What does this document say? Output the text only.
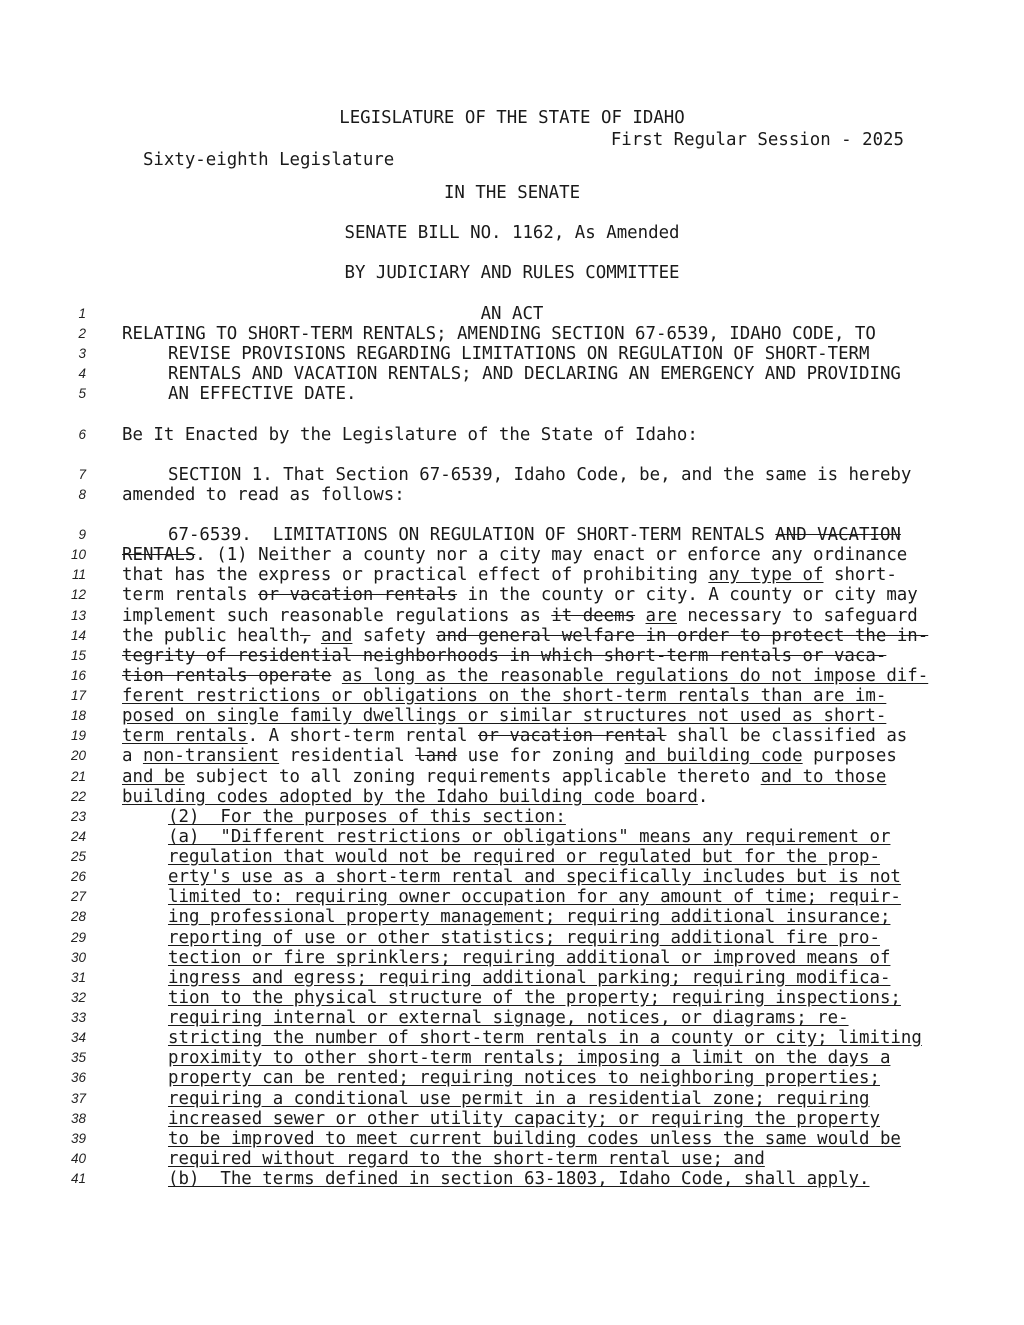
LEGISLATURE OF THE STATE OF IDAHO

Sixty-eighth Legislature

First Regular Session - 2025

IN THE SENATE
SENATE BILL NO. 1162, As Amended
BY JUDICIARY AND RULES COMMITTEE
1
2
3
4
5
6
7
8
9
10
11
12
13
14
15
16
17
18
19
20
21
22
23
24
25
26
27
28
29
30
31
32
33
34
35
36
37
38
39
40
41
AN ACT
RELATING TO SHORT-TERM RENTALS; AMENDING SECTION 67-6539, IDAHO CODE, TO
REVISE PROVISIONS REGARDING LIMITATIONS ON REGULATION OF SHORT-TERM
RENTALS AND VACATION RENTALS; AND DECLARING AN EMERGENCY AND PROVIDING
AN EFFECTIVE DATE.
Be It Enacted by the Legislature of the State of Idaho:
SECTION 1. That Section 67-6539, Idaho Code, be, and the same is hereby
amended to read as follows:
67-6539.  LIMITATIONS ON REGULATION OF SHORT-TERM RENTALS AND VACATION
RENTALS. (1) Neither a county nor a city may enact or enforce any ordinance
that has the express or practical effect of prohibiting any type of short-
term rentals or vacation rentals in the county or city. A county or city may
implement such reasonable regulations as it deems are necessary to safeguard
the public health, and safety and general welfare in order to protect the in-
tegrity of residential neighborhoods in which short-term rentals or vaca-
tion rentals operate as long as the reasonable regulations do not impose dif-
ferent restrictions or obligations on the short-term rentals than are im-
posed on single family dwellings or similar structures not used as short-
term rentals. A short-term rental or vacation rental shall be classified as
a non-transient residential land use for zoning and building code purposes
and be subject to all zoning requirements applicable thereto and to those
building codes adopted by the Idaho building code board.
(2)  For the purposes of this section:
(a)  "Different restrictions or obligations" means any requirement or
regulation that would not be required or regulated but for the prop-
erty's use as a short-term rental and specifically includes but is not
limited to: requiring owner occupation for any amount of time; requir-
ing professional property management; requiring additional insurance;
reporting of use or other statistics; requiring additional fire pro-
tection or fire sprinklers; requiring additional or improved means of
ingress and egress; requiring additional parking; requiring modifica-
tion to the physical structure of the property; requiring inspections;
requiring internal or external signage, notices, or diagrams; re-
stricting the number of short-term rentals in a county or city; limiting
proximity to other short-term rentals; imposing a limit on the days a
property can be rented; requiring notices to neighboring properties;
requiring a conditional use permit in a residential zone; requiring
increased sewer or other utility capacity; or requiring the property
to be improved to meet current building codes unless the same would be
required without regard to the short-term rental use; and
(b)  The terms defined in section 63-1803, Idaho Code, shall apply.
